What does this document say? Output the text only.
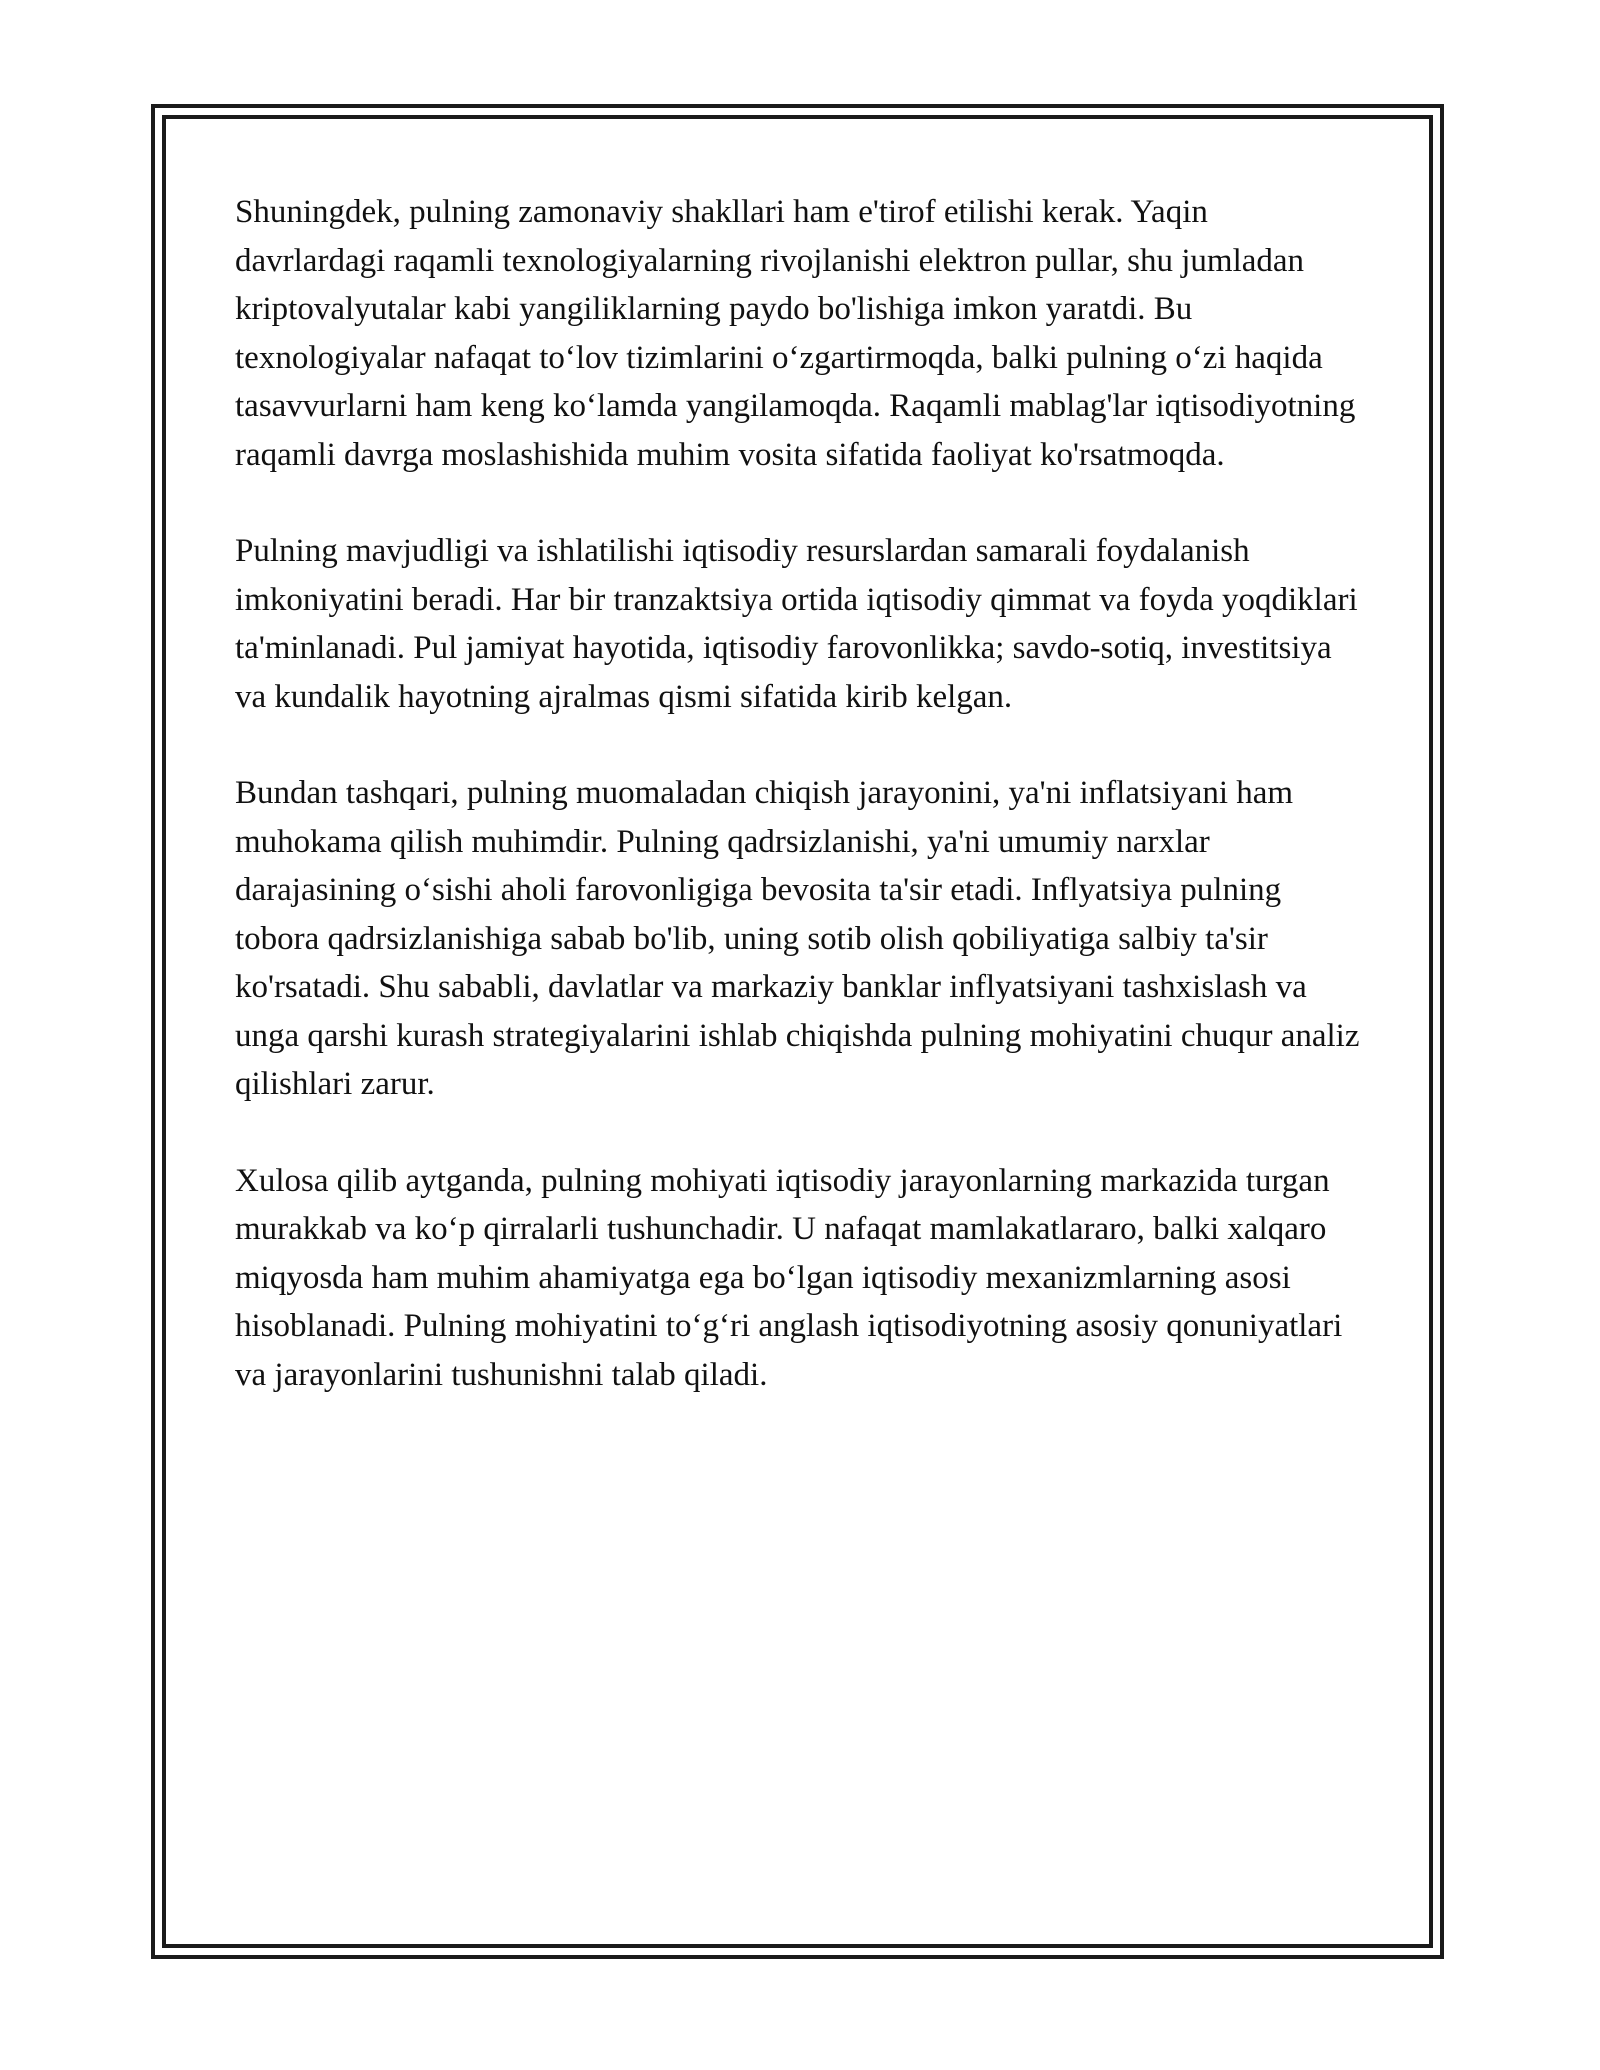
Shuningdek, pulning zamonaviy shakllari ham e'tirof etilishi kerak. Yaqin davrlardagi raqamli texnologiyalarning rivojlanishi elektron pullar, shu jumladan kriptovalyutalar kabi yangiliklarning paydo bo'lishiga imkon yaratdi. Bu texnologiyalar nafaqat to‘lov tizimlarini o‘zgartirmoqda, balki pulning o‘zi haqida tasavvurlarni ham keng ko‘lamda yangilamoqda. Raqamli mablag'lar iqtisodiyotning raqamli davrga moslashishida muhim vosita sifatida faoliyat ko'rsatmoqda.

Pulning mavjudligi va ishlatilishi iqtisodiy resurslardan samarali foydalanish imkoniyatini beradi. Har bir tranzaktsiya ortida iqtisodiy qimmat va foyda yoqdiklari ta'minlanadi. Pul jamiyat hayotida, iqtisodiy farovonlikka; savdo-sotiq, investitsiya va kundalik hayotning ajralmas qismi sifatida kirib kelgan.

Bundan tashqari, pulning muomaladan chiqish jarayonini, ya'ni inflatsiyani ham muhokama qilish muhimdir. Pulning qadrsizlanishi, ya'ni umumiy narxlar darajasining o‘sishi aholi farovonligiga bevosita ta'sir etadi. Inflyatsiya pulning tobora qadrsizlanishiga sabab bo'lib, uning sotib olish qobiliyatiga salbiy ta'sir ko'rsatadi. Shu sababli, davlatlar va markaziy banklar inflyatsiyani tashxislash va unga qarshi kurash strategiyalarini ishlab chiqishda pulning mohiyatini chuqur analiz qilishlari zarur.

Xulosa qilib aytganda, pulning mohiyati iqtisodiy jarayonlarning markazida turgan murakkab va ko‘p qirralarli tushunchadir. U nafaqat mamlakatlararo, balki xalqaro miqyosda ham muhim ahamiyatga ega bo‘lgan iqtisodiy mexanizmlarning asosi hisoblanadi. Pulning mohiyatini to‘g‘ri anglash iqtisodiyotning asosiy qonuniyatlari va jarayonlarini tushunishni talab qiladi.
